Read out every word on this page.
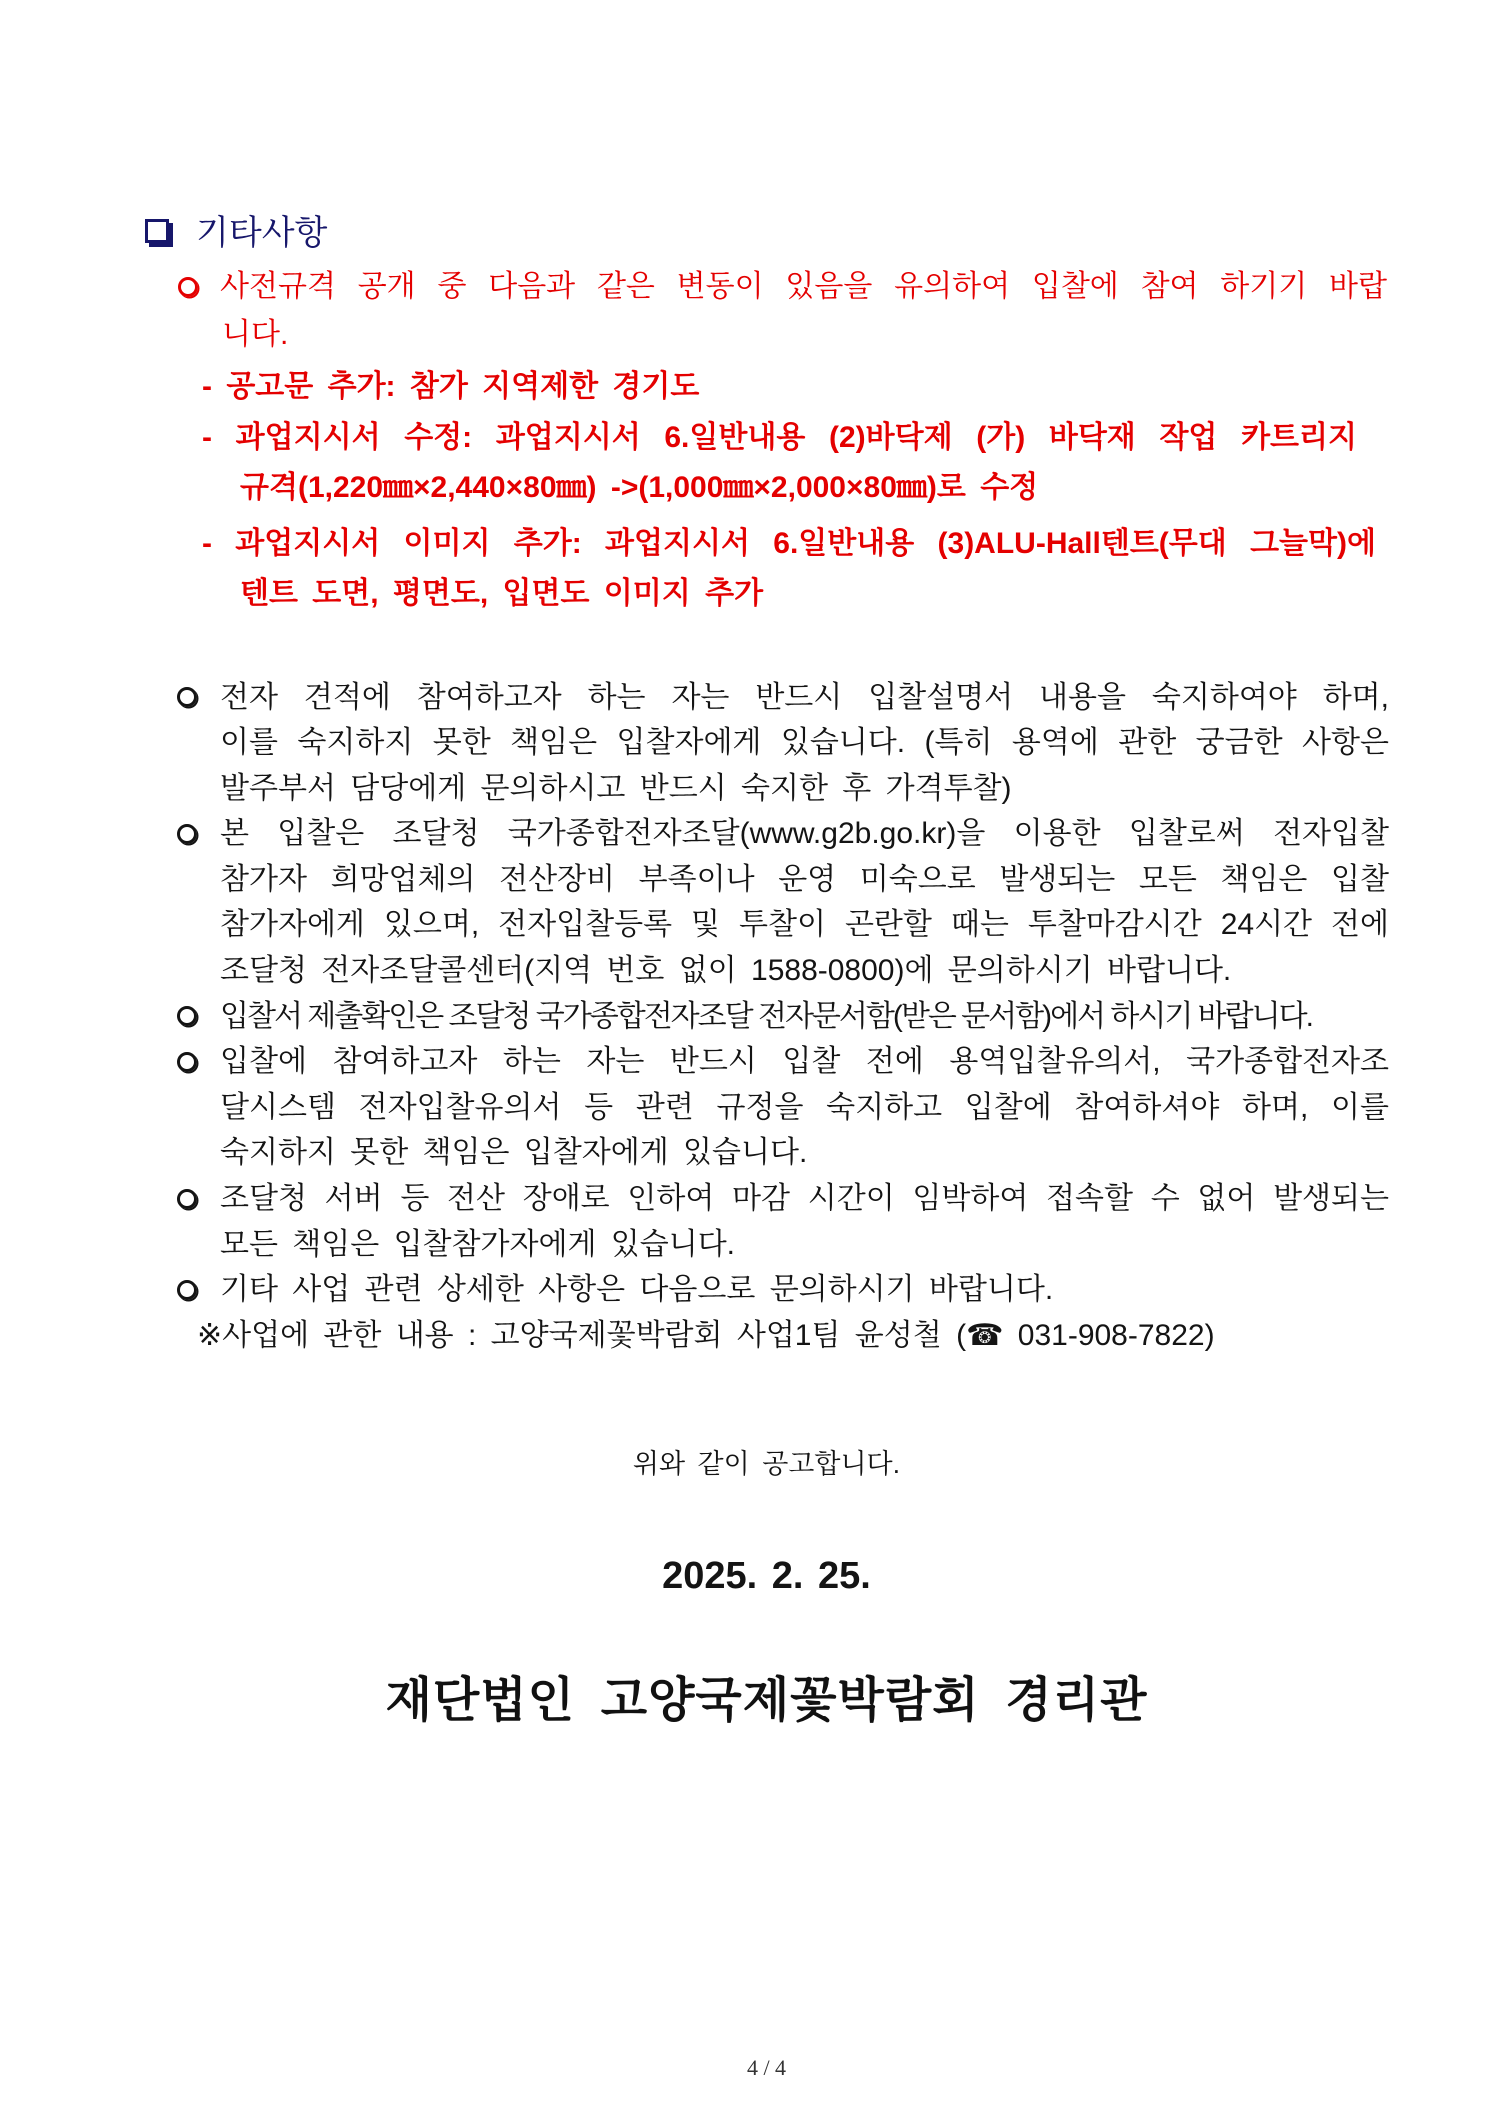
기타사항
사전규격 공개 중 다음과 같은 변동이 있음을 유의하여 입찰에 참여 하기기 바랍
니다.
- 공고문 추가: 참가 지역제한 경기도
- 과업지시서 수정: 과업지시서 6.일반내용 (2)바닥제 (가) 바닥재 작업 카트리지
규격(1,220㎜×2,440×80㎜) ->(1,000㎜×2,000×80㎜)로 수정
- 과업지시서 이미지 추가: 과업지시서 6.일반내용 (3)ALU-Hall텐트(무대 그늘막)에
텐트 도면, 평면도, 입면도 이미지 추가
전자 견적에 참여하고자 하는 자는 반드시 입찰설명서 내용을 숙지하여야 하며,
이를 숙지하지 못한 책임은 입찰자에게 있습니다. (특히 용역에 관한 궁금한 사항은
발주부서 담당에게 문의하시고 반드시 숙지한 후 가격투찰)
본 입찰은 조달청 국가종합전자조달(www.g2b.go.kr)을 이용한 입찰로써 전자입찰
참가자 희망업체의 전산장비 부족이나 운영 미숙으로 발생되는 모든 책임은 입찰
참가자에게 있으며, 전자입찰등록 및 투찰이 곤란할 때는 투찰마감시간 24시간 전에
조달청 전자조달콜센터(지역 번호 없이 1588-0800)에 문의하시기 바랍니다.
입찰서 제출확인은 조달청 국가종합전자조달 전자문서함(받은 문서함)에서 하시기 바랍니다.
입찰에 참여하고자 하는 자는 반드시 입찰 전에 용역입찰유의서, 국가종합전자조
달시스템 전자입찰유의서 등 관련 규정을 숙지하고 입찰에 참여하셔야 하며, 이를
숙지하지 못한 책임은 입찰자에게 있습니다.
조달청 서버 등 전산 장애로 인하여 마감 시간이 임박하여 접속할 수 없어 발생되는
모든 책임은 입찰참가자에게 있습니다.
기타 사업 관련 상세한 사항은 다음으로 문의하시기 바랍니다.
※사업에 관한 내용 : 고양국제꽃박람회 사업1팀 윤성철 (☎ 031-908-7822)
위와 같이 공고합니다.
2025. 2. 25.
재단법인 고양국제꽃박람회 경리관
4 / 4
